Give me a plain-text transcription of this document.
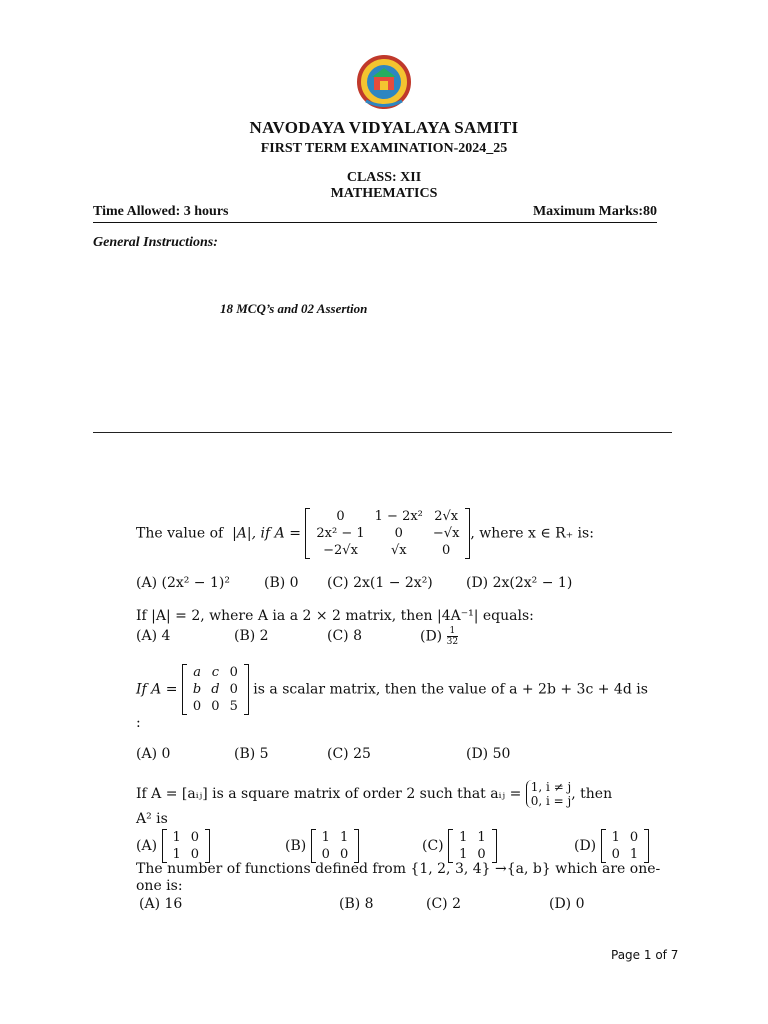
NAVODAYA VIDYALAYA SAMITI
FIRST TERM EXAMINATION-2024_25
CLASS: XII
MATHEMATICS
Time Allowed: 3 hours	Maximum Marks:80
General Instructions:
18 MCQ’s and 02 Assertion
The value of  |A|, if A =
0	1 − 2x²	2√x
2x² − 1	0	−√x
−2√x	√x	0
, where x ∈ R₊ is:
(A) (2x² − 1)² (B) 0 (C) 2x(1 − 2x²) (D) 2x(2x² − 1)
If |A| = 2, where A ia a 2 × 2 matrix, then |4A⁻¹| equals:
(A) 4	(B) 2	(C) 8	$(D) \frac{1}{32}$
If A =
a	c	0
b	d	0
0	0	5
is a scalar matrix, then the value of a + 2b + 3c + 4d is
:
(A) 0	(B) 5	(C) 25	(D) 50
If A = [aᵢⱼ] is a square matrix of order 2 such that aᵢⱼ = 1, i ≠ j
0, i = j , then
A² is
(A)
1	0
1	0
(B)
1	1
0	0
(C)
1	1
1	0
(D)
1	0
0	1
The number of functions defined from {1, 2, 3, 4} →{a, b} which are one-
one is:
(A) 16	(B) 8	(C) 2	(D) 0
Page 1 of 7
